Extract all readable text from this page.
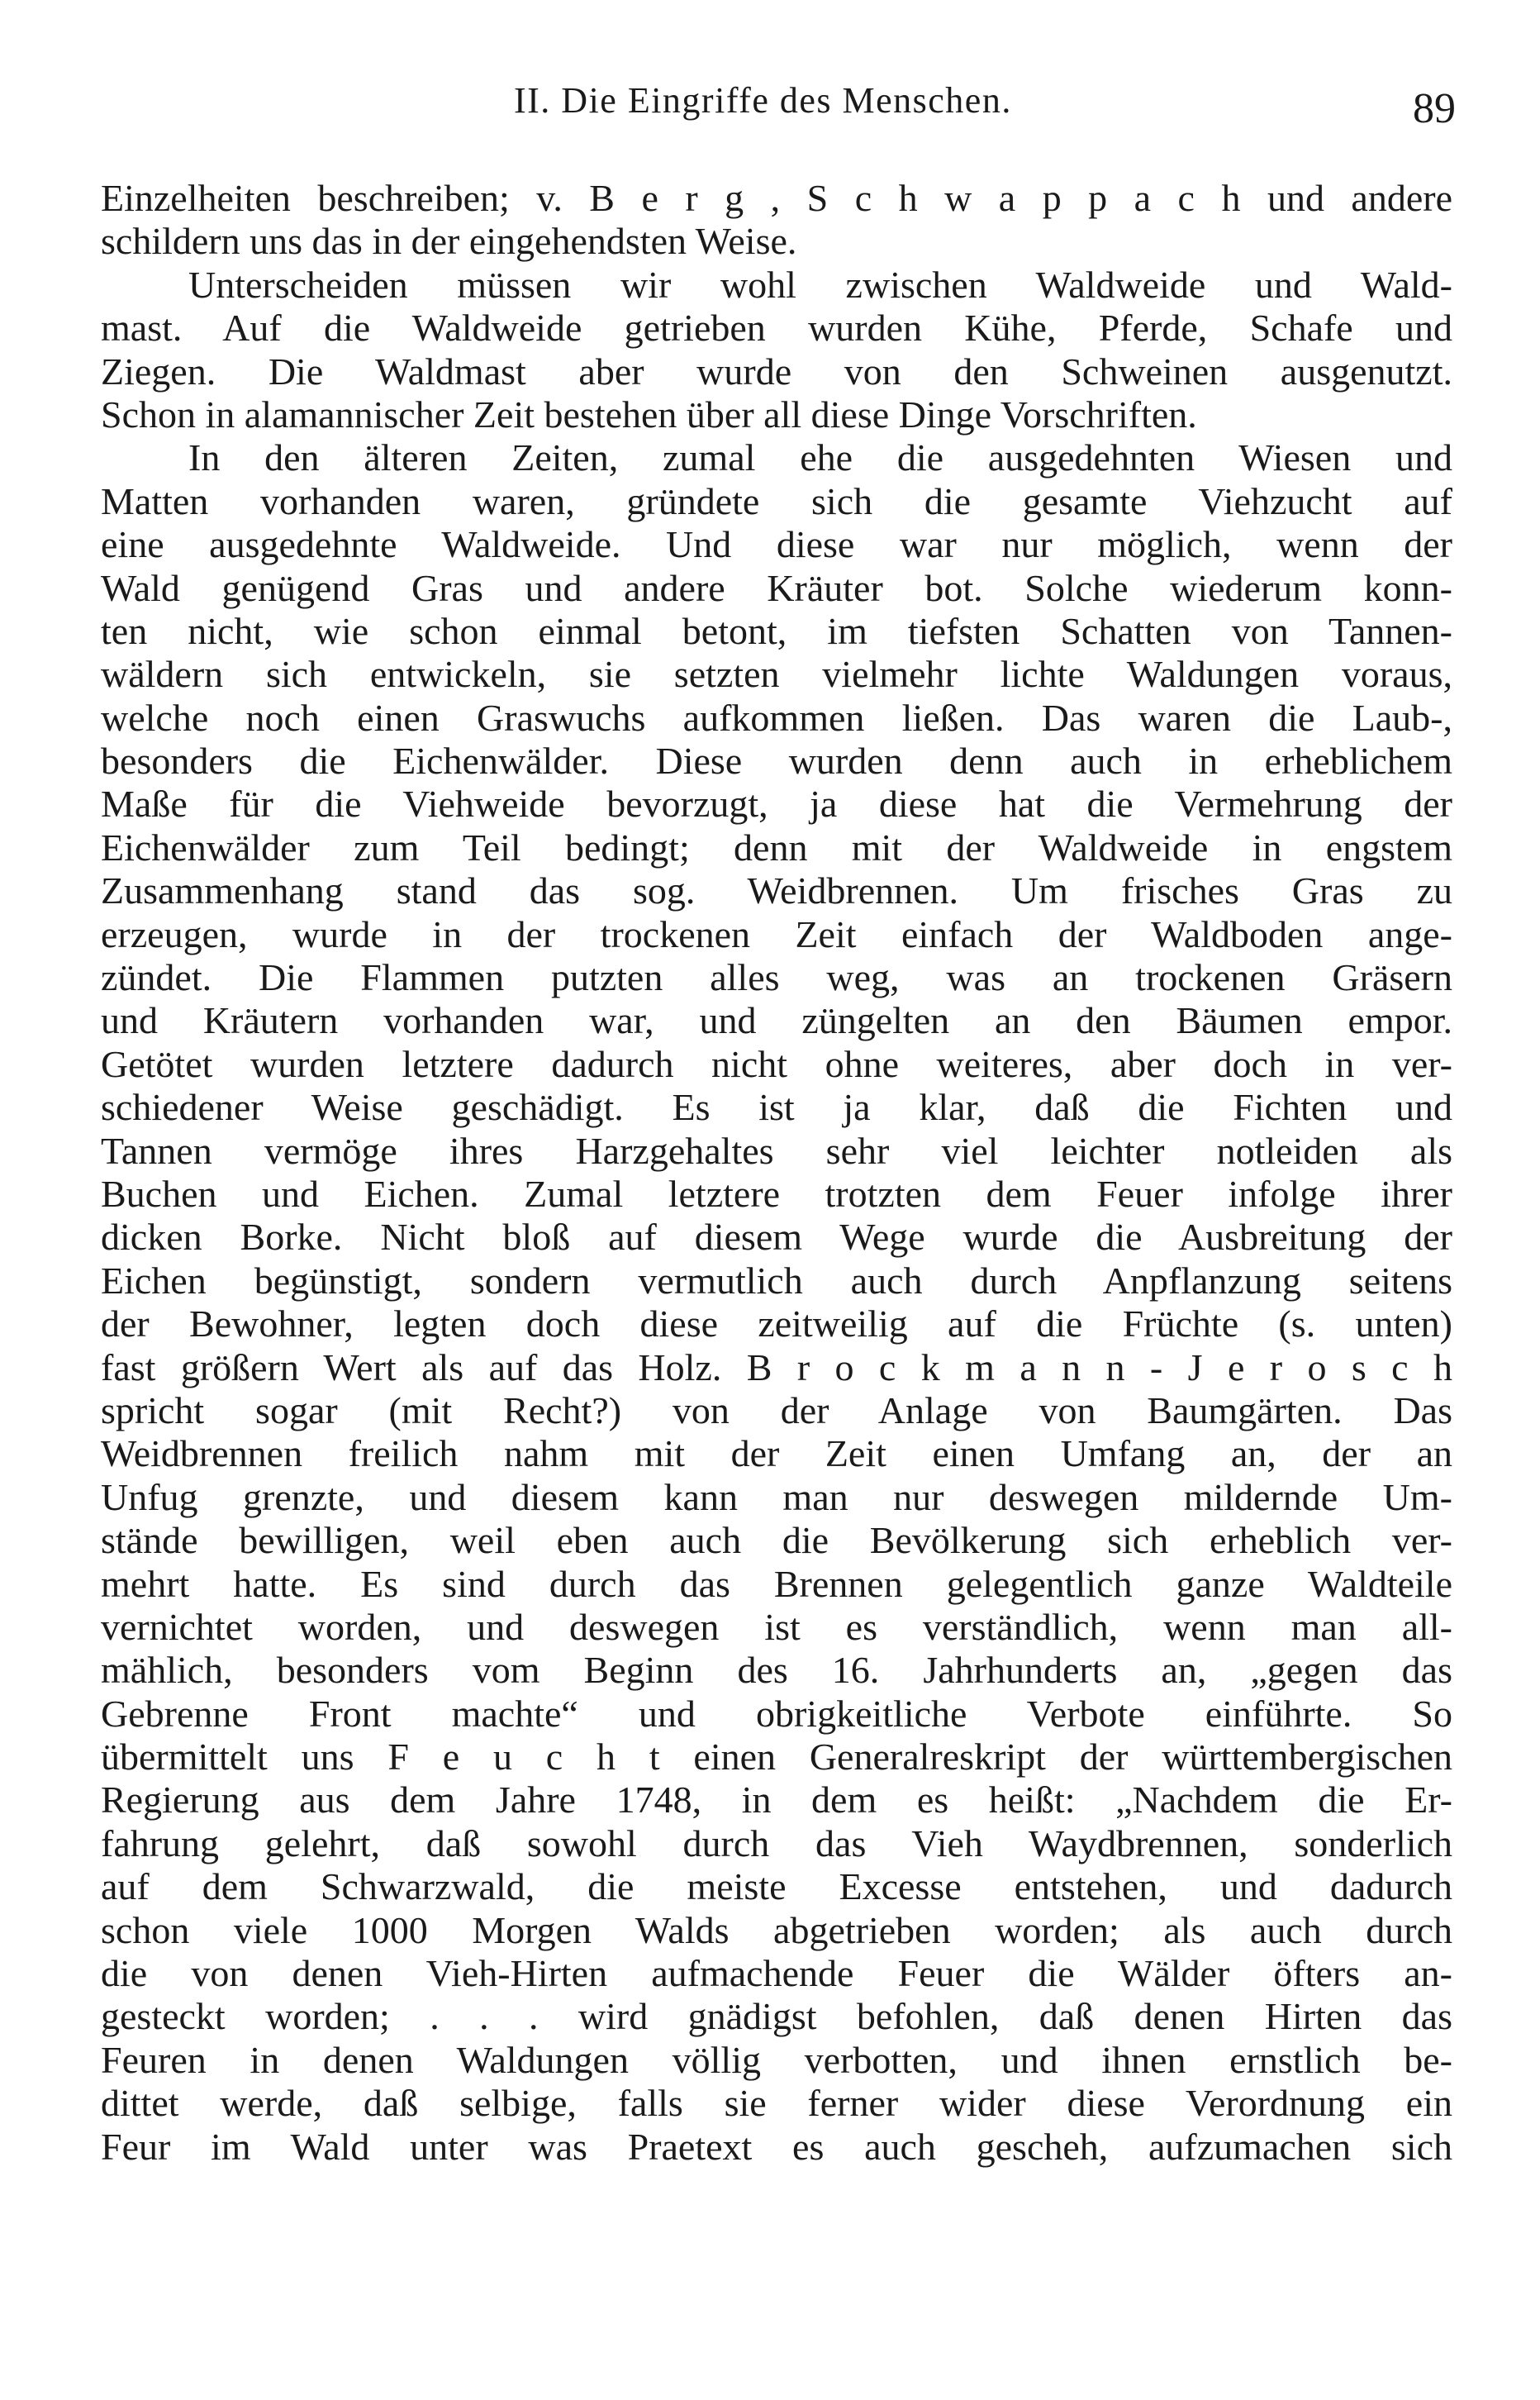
II. Die Eingriffe des Menschen.	89
Einzelheiten beschreiben; v. B e r g , S c h w a p p a c h und andere
schildern uns das in der eingehendsten Weise.
Unterscheiden müssen wir wohl zwischen Waldweide und Wald-
mast. Auf die Waldweide getrieben wurden Kühe, Pferde, Schafe und
Ziegen. Die Waldmast aber wurde von den Schweinen ausgenutzt.
Schon in alamannischer Zeit bestehen über all diese Dinge Vorschriften.
In den älteren Zeiten, zumal ehe die ausgedehnten Wiesen und
Matten vorhanden waren, gründete sich die gesamte Viehzucht auf
eine ausgedehnte Waldweide. Und diese war nur möglich, wenn der
Wald genügend Gras und andere Kräuter bot. Solche wiederum konn-
ten nicht, wie schon einmal betont, im tiefsten Schatten von Tannen-
wäldern sich entwickeln, sie setzten vielmehr lichte Waldungen voraus,
welche noch einen Graswuchs aufkommen ließen. Das waren die Laub-,
besonders die Eichenwälder. Diese wurden denn auch in erheblichem
Maße für die Viehweide bevorzugt, ja diese hat die Vermehrung der
Eichenwälder zum Teil bedingt; denn mit der Waldweide in engstem
Zusammenhang stand das sog. Weidbrennen. Um frisches Gras zu
erzeugen, wurde in der trockenen Zeit einfach der Waldboden ange-
zündet. Die Flammen putzten alles weg, was an trockenen Gräsern
und Kräutern vorhanden war, und züngelten an den Bäumen empor.
Getötet wurden letztere dadurch nicht ohne weiteres, aber doch in ver-
schiedener Weise geschädigt. Es ist ja klar, daß die Fichten und
Tannen vermöge ihres Harzgehaltes sehr viel leichter notleiden als
Buchen und Eichen. Zumal letztere trotzten dem Feuer infolge ihrer
dicken Borke. Nicht bloß auf diesem Wege wurde die Ausbreitung der
Eichen begünstigt, sondern vermutlich auch durch Anpflanzung seitens
der Bewohner, legten doch diese zeitweilig auf die Früchte (s. unten)
fast größern Wert als auf das Holz. B r o c k m a n n - J e r o s c h
spricht sogar (mit Recht?) von der Anlage von Baumgärten. Das
Weidbrennen freilich nahm mit der Zeit einen Umfang an, der an
Unfug grenzte, und diesem kann man nur deswegen mildernde Um-
stände bewilligen, weil eben auch die Bevölkerung sich erheblich ver-
mehrt hatte. Es sind durch das Brennen gelegentlich ganze Waldteile
vernichtet worden, und deswegen ist es verständlich, wenn man all-
mählich, besonders vom Beginn des 16. Jahrhunderts an, „gegen das
Gebrenne Front machte“ und obrigkeitliche Verbote einführte. So
übermittelt uns F e u c h t einen Generalreskript der württembergischen
Regierung aus dem Jahre 1748, in dem es heißt: „Nachdem die Er-
fahrung gelehrt, daß sowohl durch das Vieh Waydbrennen, sonderlich
auf dem Schwarzwald, die meiste Excesse entstehen, und dadurch
schon viele 1000 Morgen Walds abgetrieben worden; als auch durch
die von denen Vieh-Hirten aufmachende Feuer die Wälder öfters an-
gesteckt worden; . . . wird gnädigst befohlen, daß denen Hirten das
Feuren in denen Waldungen völlig verbotten, und ihnen ernstlich be-
dittet werde, daß selbige, falls sie ferner wider diese Verordnung ein
Feur im Wald unter was Praetext es auch gescheh, aufzumachen sich
